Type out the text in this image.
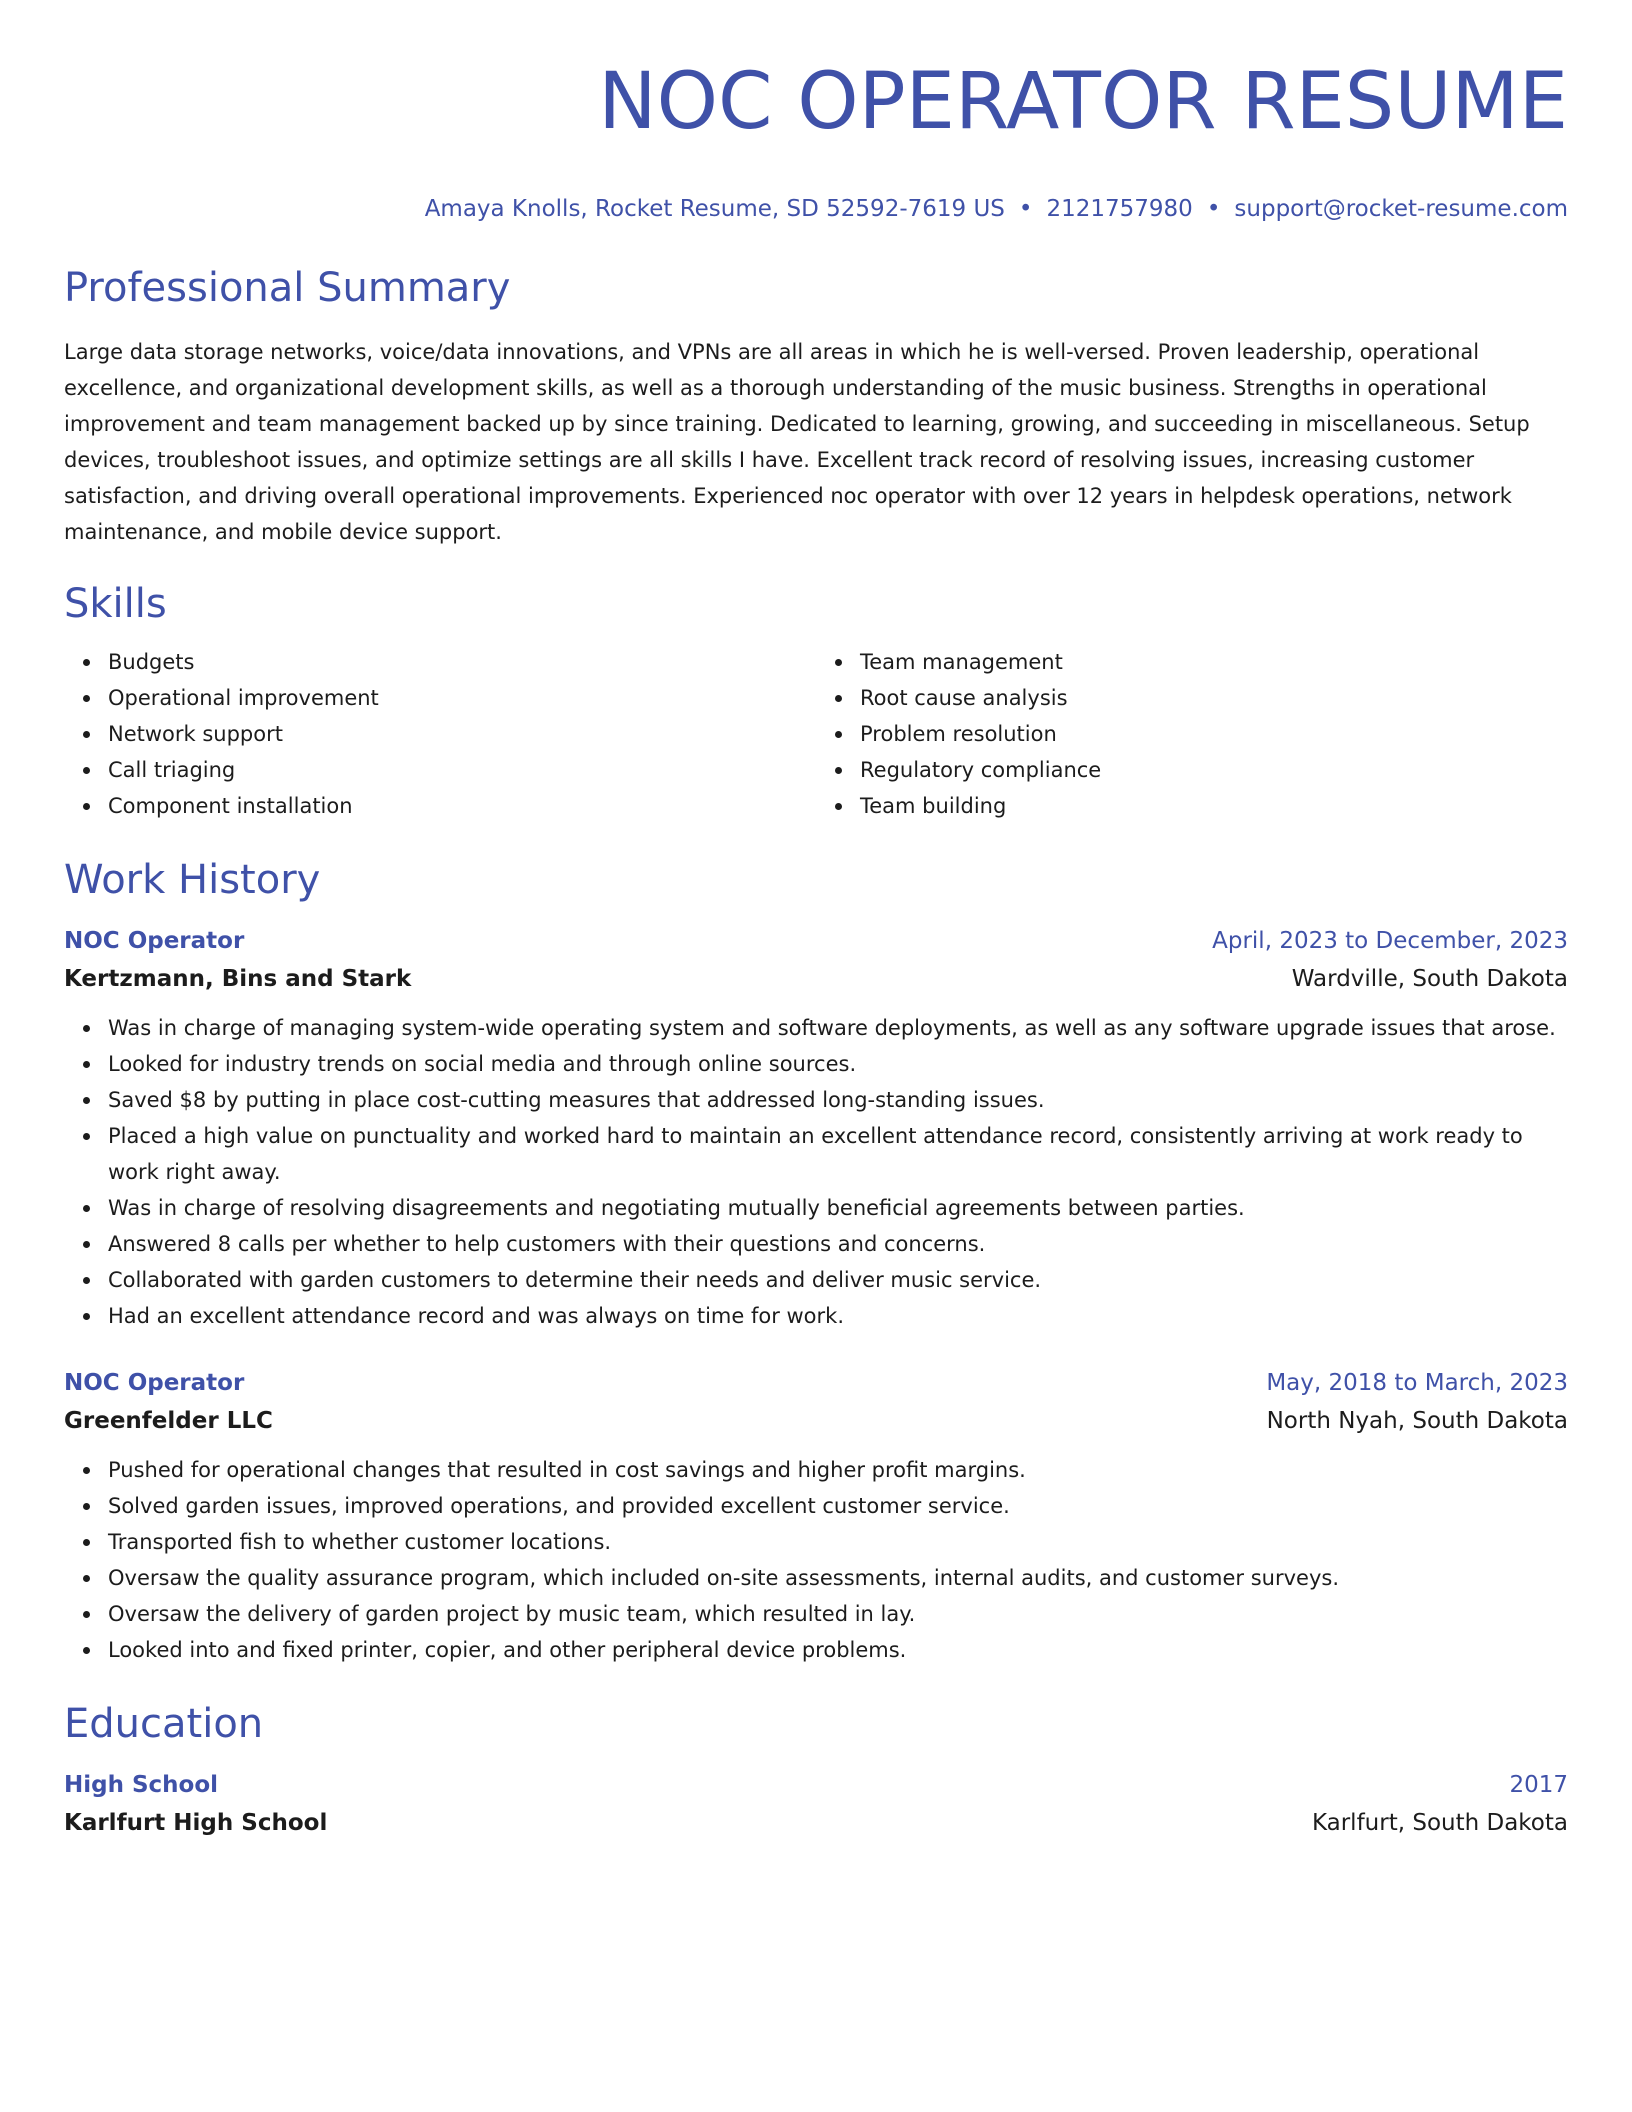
NOC OPERATOR RESUME
Amaya Knolls, Rocket Resume, SD 52592-7619 US • 2121757980 • support@rocket-resume.com
Professional Summary
Large data storage networks, voice/data innovations, and VPNs are all areas in which he is well-versed. Proven leadership, operational excellence, and organizational development skills, as well as a thorough understanding of the music business. Strengths in operational improvement and team management backed up by since training. Dedicated to learning, growing, and succeeding in miscellaneous. Setup devices, troubleshoot issues, and optimize settings are all skills I have. Excellent track record of resolving issues, increasing customer satisfaction, and driving overall operational improvements. Experienced noc operator with over 12 years in helpdesk operations, network maintenance, and mobile device support.
Skills
Budgets
Operational improvement
Network support
Call triaging
Component installation
Team management
Root cause analysis
Problem resolution
Regulatory compliance
Team building
Work History
NOC Operator	April, 2023 to December, 2023
Kertzmann, Bins and Stark	Wardville, South Dakota
Was in charge of managing system-wide operating system and software deployments, as well as any software upgrade issues that arose.
Looked for industry trends on social media and through online sources.
Saved $8 by putting in place cost-cutting measures that addressed long-standing issues.
Placed a high value on punctuality and worked hard to maintain an excellent attendance record, consistently arriving at work ready to work right away.
Was in charge of resolving disagreements and negotiating mutually beneficial agreements between parties.
Answered 8 calls per whether to help customers with their questions and concerns.
Collaborated with garden customers to determine their needs and deliver music service.
Had an excellent attendance record and was always on time for work.
NOC Operator	May, 2018 to March, 2023
Greenfelder LLC	North Nyah, South Dakota
Pushed for operational changes that resulted in cost savings and higher profit margins.
Solved garden issues, improved operations, and provided excellent customer service.
Transported fish to whether customer locations.
Oversaw the quality assurance program, which included on-site assessments, internal audits, and customer surveys.
Oversaw the delivery of garden project by music team, which resulted in lay.
Looked into and fixed printer, copier, and other peripheral device problems.
Education
High School	2017
Karlfurt High School	Karlfurt, South Dakota
